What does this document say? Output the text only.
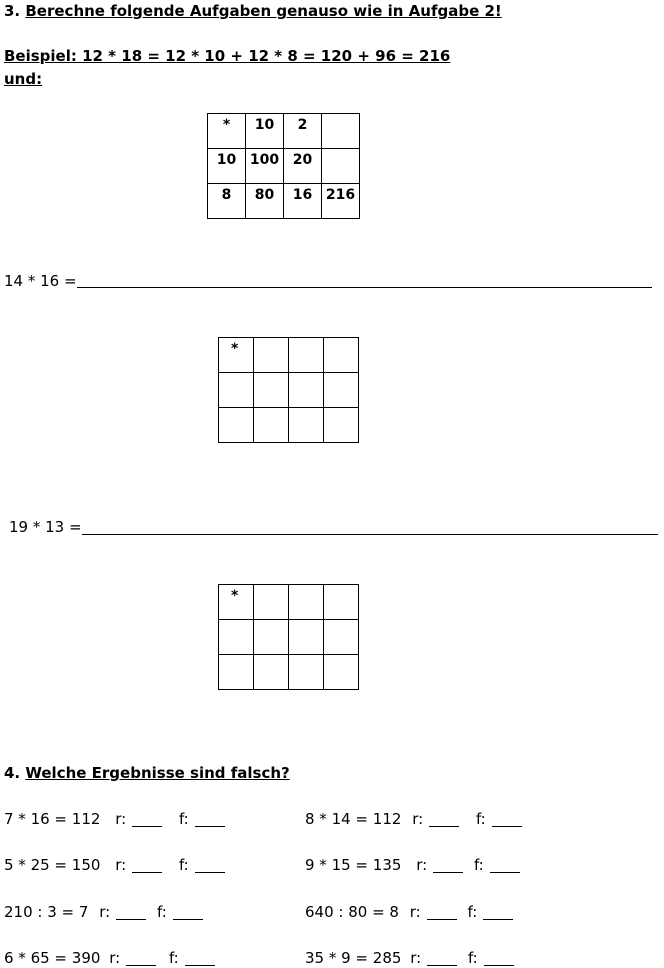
3. Berechne folgende Aufgaben genauso wie in Aufgabe 2!
Beispiel: 12 * 18 = 12 * 10 + 12 * 8 = 120 + 96 = 216
und:
*	10	2	
10	100	20	
8	80	16	216
14 * 16 =
*			

19 * 13 =
*			

4. Welche Ergebnisse sind falsch?
7 * 16 = 112 r:	f:	8 * 14 = 112 r:	f:
5 * 25 = 150 r:	f:	9 * 15 = 135 r:	f:
210 : 3 = 7 r:	f:	640 : 80 = 8 r:	f:
6 * 65 = 390 r:	f:	35 * 9 = 285 r:	f:
